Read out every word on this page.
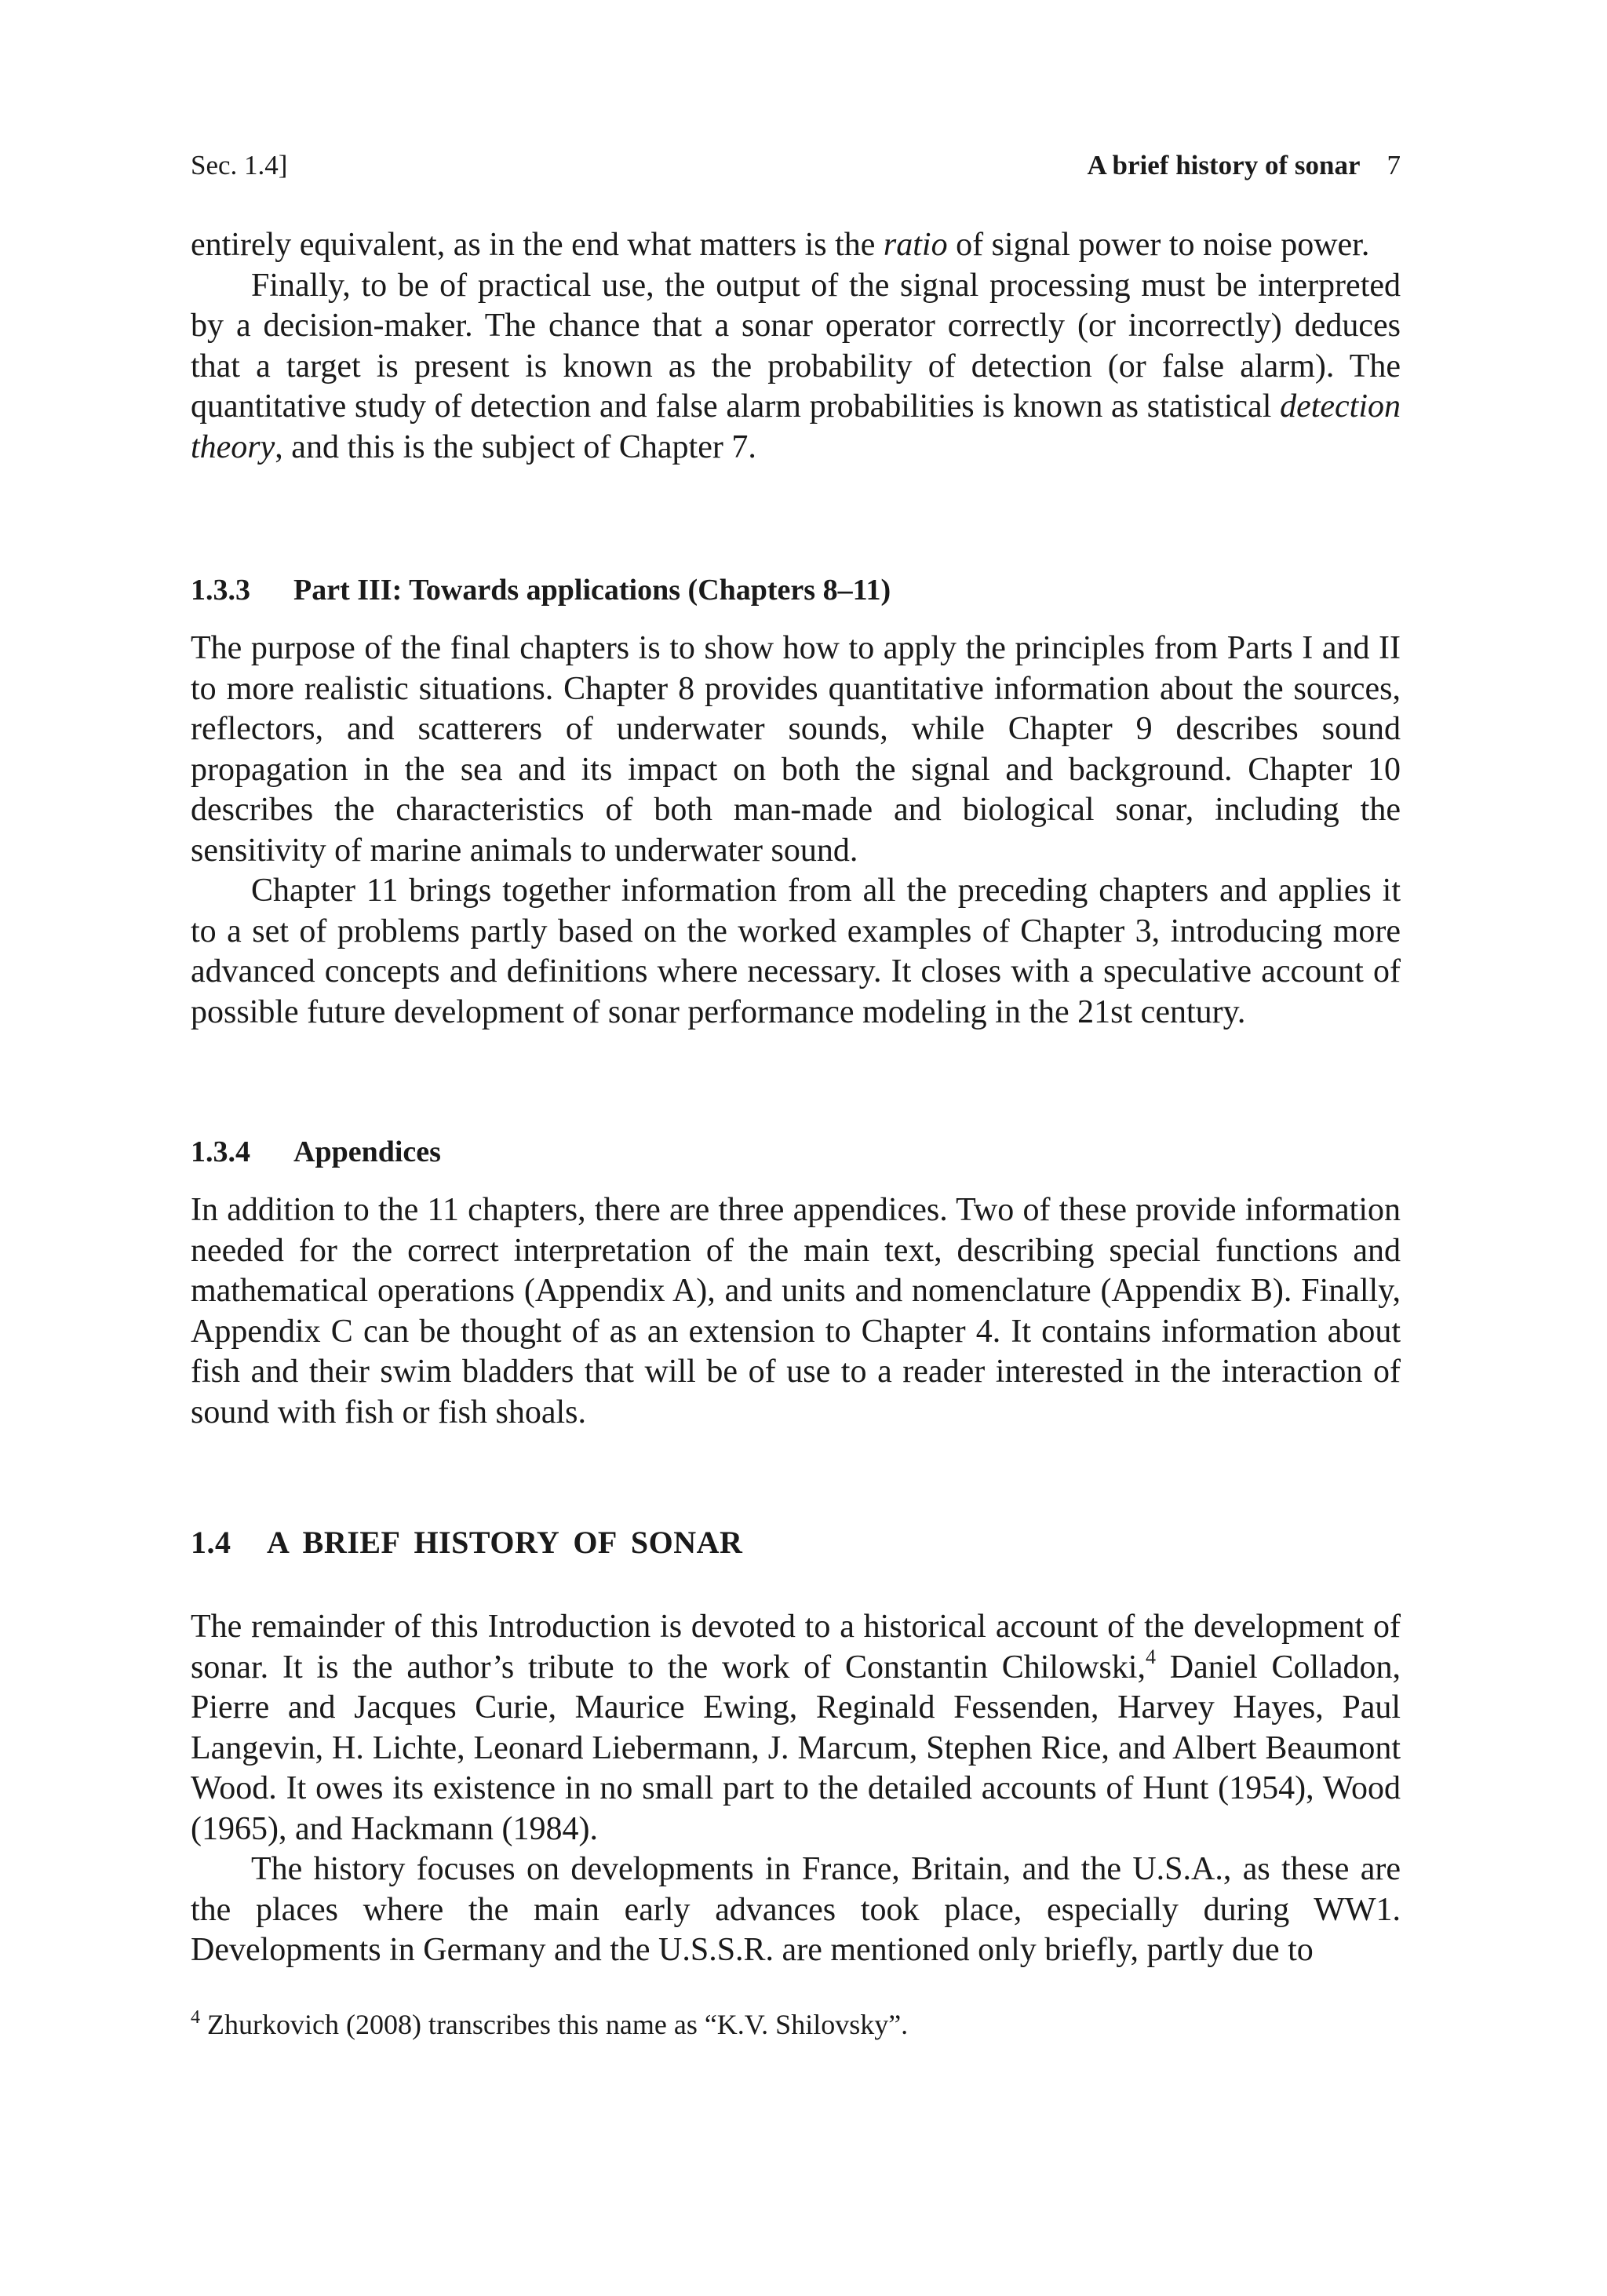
Sec. 1.4]	A brief history of sonar 7

entirely equivalent, as in the end what matters is the ratio of signal power to noise power.

Finally, to be of practical use, the output of the signal processing must be interpreted by a decision-maker. The chance that a sonar operator correctly (or incorrectly) deduces that a target is present is known as the probability of detection (or false alarm). The quantitative study of detection and false alarm probabilities is known as statistical detection theory, and this is the subject of Chapter 7.

1.3.3 Part III: Towards applications (Chapters 8–11)

The purpose of the final chapters is to show how to apply the principles from Parts I and II to more realistic situations. Chapter 8 provides quantitative information about the sources, reflectors, and scatterers of underwater sounds, while Chapter 9 describes sound propagation in the sea and its impact on both the signal and background. Chapter 10 describes the characteristics of both man-made and biological sonar, including the sensitivity of marine animals to underwater sound.

Chapter 11 brings together information from all the preceding chapters and applies it to a set of problems partly based on the worked examples of Chapter 3, introducing more advanced concepts and definitions where necessary. It closes with a speculative account of possible future development of sonar performance modeling in the 21st century.

1.3.4 Appendices

In addition to the 11 chapters, there are three appendices. Two of these provide information needed for the correct interpretation of the main text, describing special functions and mathematical operations (Appendix A), and units and nomenclature (Appendix B). Finally, Appendix C can be thought of as an extension to Chapter 4. It contains information about fish and their swim bladders that will be of use to a reader interested in the interaction of sound with fish or fish shoals.

1.4 A BRIEF HISTORY OF SONAR

The remainder of this Introduction is devoted to a historical account of the development of sonar. It is the author’s tribute to the work of Constantin Chilowski,$^4$ Daniel Colladon, Pierre and Jacques Curie, Maurice Ewing, Reginald Fessenden, Harvey Hayes, Paul Langevin, H. Lichte, Leonard Liebermann, J. Marcum, Stephen Rice, and Albert Beaumont Wood. It owes its existence in no small part to the detailed accounts of Hunt (1954), Wood (1965), and Hackmann (1984).

The history focuses on developments in France, Britain, and the U.S.A., as these are the places where the main early advances took place, especially during WW1. Developments in Germany and the U.S.S.R. are mentioned only briefly, partly due to

$^4$ Zhurkovich (2008) transcribes this name as “K.V. Shilovsky”.
